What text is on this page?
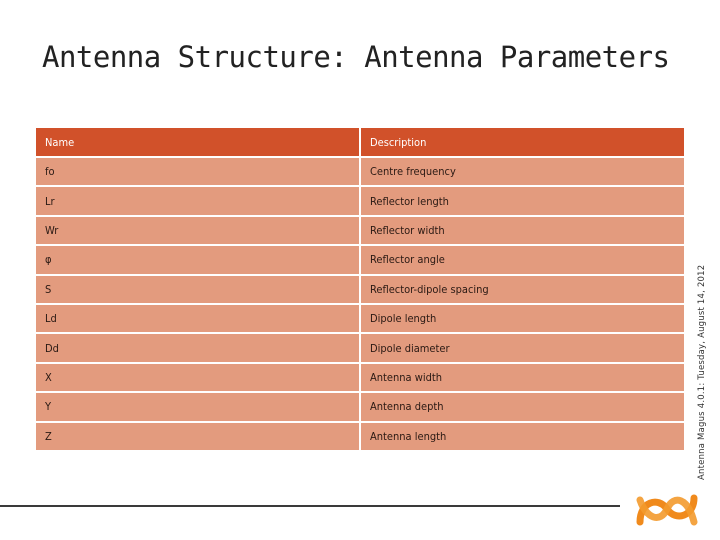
Antenna Structure: Antenna Parameters
Name	Description
fo	Centre frequency
Lr	Reflector length
Wr	Reflector width
φ	Reflector angle
S	Reflector-dipole spacing
Ld	Dipole length
Dd	Dipole diameter
X	Antenna width
Y	Antenna depth
Z	Antenna length	Antenna Magus 4.0.1: Tuesday, August 14, 2012
